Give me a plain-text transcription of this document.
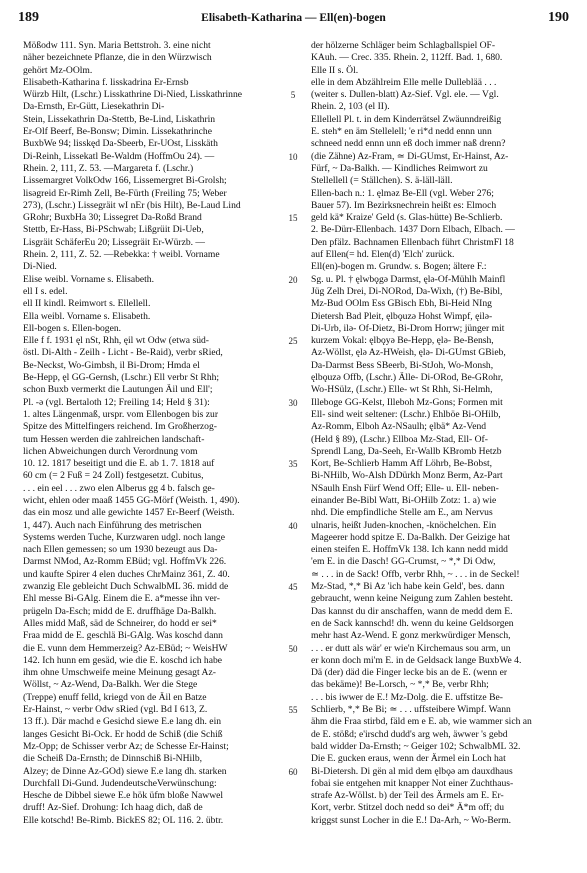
189	Elisabeth-Katharina — Ell(en)-bogen	190
Mößodw 111. Syn. Maria Bettstroh. 3. eine nicht
näher bezeichnete Pflanze, die in den Würzwisch
gehört Mz-OOlm.
Elisabeth-Katharina f. lisskadrina Er-Ernsb
Würzb Hilt, (Lschr.) Lisskathrine Di-Nied, Lisskathrinne
Da-Ernsth, Er-Gütt, Liesekathrin Di-
Stein, Lissekathrin Da-Stettb, Be-Lind, Liskathrin
Er-Olf Beerf, Be-Bonsw; Dimin. Lissekathrinche
BuxbWe 94; lisskęd Da-Sbeerb, Er-UOst, Lisskäth
Di-Reinh, Lissekatl Be-Waldm (HoffmOu 24). —
Rhein. 2, 111, Z. 53. —Margareta f. (Lschr.)
Lissemargret VolkOdw 166, Lissemergret Bi-Grolsh;
lisəgreid Er-Rimh Zell, Be-Fürth (Freiling 75; Weber
273), (Lschr.) Lissegräit wI nEr (bis Hilt), Be-Laud Lind
GRohr; BuxbHa 30; Lissegret Da-Roßd Brand
Stettb, Er-Hass, Bi-PSchwab; Lißgrüit Di-Ueb,
Lisgräit SchäferEu 20; Lissegräit Er-Würzb. —
Rhein. 2, 111, Z. 52. —Rebekka: † weibl. Vorname
Di-Nied.
Elise weibl. Vorname s. Elisabeth.
ell I s. edel.
ell II kindl. Reimwort s. Ellellell.
Ella weibl. Vorname s. Elisabeth.
Ell-bogen s. Ellen-bogen.
Elle f f. 1931 ęl nSt, Rhh, ęil wt Odw (etwa süd-
östl. Di-Alth - Zeilh - Licht - Be-Raid), verbr sRied,
Be-Neckst, Wo-Gimbsh, il Bi-Drom; Hmda el
Be-Hepp, ęl GG-Gernsh, (Lschr.) Ell verbr St Rhh;
schon Buxb vermerkt die Lautungen Äil und Ell';
Pl. -ə (vgl. Bertaloth 12; Freiling 14; Held § 31):
1. altes Längenmaß, urspr. vom Ellenbogen bis zur
Spitze des Mittelfingers reichend. Im Großherzog-
tum Hessen werden die zahlreichen landschaft-
lichen Abweichungen durch Verordnung vom
10. 12. 1817 beseitigt und die E. ab 1. 7. 1818 auf
60 cm (= 2 Fuß = 24 Zoll) festgesetzt. Cubitus,
. . . ein eel . . . zwo elen Alberus gg 4 b. falsch ge-
wicht, ehlen oder maaß 1455 GG-Mörf (Weisth. 1, 490).
das ein mosz und alle gewichte 1457 Er-Beerf (Weisth.
1, 447). Auch nach Einführung des metrischen
Systems werden Tuche, Kurzwaren udgl. noch lange
nach Ellen gemessen; so um 1930 bezeugt aus Da-
Darmst NMod, Az-Romm EBüd; vgl. HoffmVk 226.
und kaufte Spirer 4 elen duches ChrMainz 361, Z. 40.
zwanzig Ele gebleicht Duch SchwalbML 36. midd de
Ehl messe Bi-GAlg. Einem die E. a*messe ihn ver-
prügeln Da-Esch; midd de E. druffhäge Da-Balkh.
Alles midd Maß, säd de Schneirer, do hodd er sei*
Fraa midd de E. geschlä Bi-GAlg. Was koschd dann
die E. vunn dem Hemmerzeig? Az-EBüd; ~ WeisHW
142. Ich hunn em gesäd, wie die E. koschd ich habe
ihm ohne Umschweife meine Meinung gesagt Az-
Wöllst, ~ Az-Wend, Da-Balkh. Wer die Stege
(Treppe) enuff felld, kriegd von de Äil en Batze
Er-Hainst, ~ verbr Odw sRied (vgl. Bd I 613, Z.
13 ff.). Där machd e Gesichd siewe E.e lang dh. ein
langes Gesicht Bi-Ock. Er hodd de Schiß (die Schiß
Mz-Opp; de Schisser verbr Az; de Schesse Er-Hainst;
die Scheiß Da-Ernsth; de Dinnschiß Bi-NHilb,
Alzey; de Dinne Az-GOd) siewe E.e lang dh. starken
Durchfall Di-Gund. JudendeutscheVerwünschung:
Hesche de Dibbel siewe E.e hök üfm bloße Nawwel
druff! Az-Sief. Drohung: Ich haag dich, daß de
Elle kotschd! Be-Rimb. BickES 82; OL 116. 2. übtr.
5
10
15
20
25
30
35
40
45
50
55
60
der hölzerne Schläger beim Schlagballspiel OF-
KAuh. — Crec. 335. Rhein. 2, 112ff. Bad. 1, 680.
Elle II s. Öl.
elle in dem Abzählreim Elle melle Dulleblää . . .
(weiter s. Dullen-blatt) Az-Sief. Vgl. ele. — Vgl.
Rhein. 2, 103 (el II).
Ellellell Pl. t. in dem Kinderrätsel Zwäunndreißig
E. steh* en äm Stellelell; 'e ri*d nedd ennn unn
schneed nedd ennn unn eß doch immer naß drenn?
(die Zähne) Az-Fram, ≃ Di-GUmst, Er-Hainst, Az-
Fürf, ~ Da-Balkh. — Kindliches Reimwort zu
Stellellell (= Ställchen). S. ä-läll-läll.
Ellen-bach n.: 1. ęlməz Be-Ell (vgl. Weber 276;
Bauer 57). Im Bezirksnechrein heißt es: Elmoch
geld kä* Kraize' Geld (s. Glas-hütte) Be-Schlierb.
2. Be-Dürr-Ellenbach. 1437 Dorn Elbach, Elbach. —
Den pfälz. Bachnamen Ellenbach führt ChristmFl 18
auf Ellen(= hd. Elen(d) 'Elch' zurück.
Ell(en)-bogen m. Grundw. s. Bogen; ältere F.:
Sg. u. Pl. † ęlwbǫgə Darmst, ęlə-Of-Mühlh Mainfl
Jüg Zelh Drei, Di-NORod, Da-Wixh, (†) Be-Bibl,
Mz-Bud OOlm Ess GBisch Ebh, Bi-Heid NIng
Dietersh Bad Pleit, ęlbǫuzə Hohst Wimpf, ęilə-
Di-Urb, ilə- Of-Dietz, Bi-Drom Horrw; jünger mit
kurzem Vokal: ęlbǫyə Be-Hepp, ęlə- Be-Bensh,
Az-Wöllst, ęlə Az-HWeish, ęlə- Di-GUmst GBieb,
Da-Darmst Bess SBeerb, Bi-StJoh, Wo-Monsh,
ęlbǫuzə Offb, (Lschr.) Älle- Di-ORod, Be-GRohr,
Wo-HSülz, (Lschr.) Elle- wt St Rhh, Si-Helmh,
Illeboge GG-Kelst, Illeboh Mz-Gons; Formen mit
Ell- sind weit seltener: (Lschr.) Ehlböe Bi-OHilb,
Az-Romm, Elboh Az-NSaulh; ęlbä* Az-Vend
(Held § 89), (Lschr.) Ellboa Mz-Stad, Ell- Of-
Sprendl Lang, Da-Seeh, Er-Wallb KBromb Hetzb
Kort, Be-Schlierb Hamm Aff Löhrb, Be-Bobst,
Bi-NHilb, Wo-Alsh DDürkh Monz Berm, Az-Part
NSaulh Ensh Fürf Wend Off; Elle- u. Ell- neben-
einander Be-Bibl Watt, Bi-OHilb Zotz: 1. a) wie
nhd. Die empfindliche Stelle am E., am Nervus
ulnaris, heißt Juden-knochen, -knöchelchen. Ein
Mageerer hodd spitze E. Da-Balkh. Der Geizige hat
einen steifen E. HoffmVk 138. Ich kann nedd midd
'em E. in die Dasch! GG-Crumst, ~ *,* Di Odw,
≃ . . . in de Sack! Offb, verbr Rhh, ~ . . . in de Seckel!
Mz-Stad, *,* Bi Az 'ich habe kein Geld', bes. dann
gebraucht, wenn keine Neigung zum Zahlen besteht.
Das kannst du dir anschaffen, wann de medd dem E.
en de Sack kannschd! dh. wenn du keine Geldsorgen
mehr hast Az-Wend. E gonz merkwürdiger Mensch,
. . . er dutt als wär' er wie'n Kirchemaus sou arm, un
er konn doch mi'm E. in de Geldsack lange BuxbWe 4.
Dä (der) däd die Finger lecke bis an de E. (wenn er
das bekäme)! Be-Lorsch, ~ *,* Be, verbr Rhh;
. . . bis iwwer de E.! Mz-Dolg. die E. uffstitze Be-
Schlierb, *,* Be Bi; ≃ . . . uffsteibere Wimpf. Wann
ähm die Fraa stirbd, fäld em e E. ab, wie wammer sich an
de E. stößd; e'irschd dudd's arg weh, äwwer 's gebd
bald widder Da-Ernsth; ~ Geiger 102; SchwalbML 32.
Die E. gucken eraus, wenn der Ärmel ein Loch hat
Bi-Dietersh. Di gën al mid dem ęlbǫə am dauxdhaus
fobai sie entgehen mit knapper Not einer Zuchthaus-
strafe Az-Wöllst. b) der Teil des Ärmels am E. Er-
Kort, verbr. Stitzel doch nedd so dei* Ä*m off; du
kriggst sunst Locher in die E.! Da-Arh, ~ Wo-Berm.
